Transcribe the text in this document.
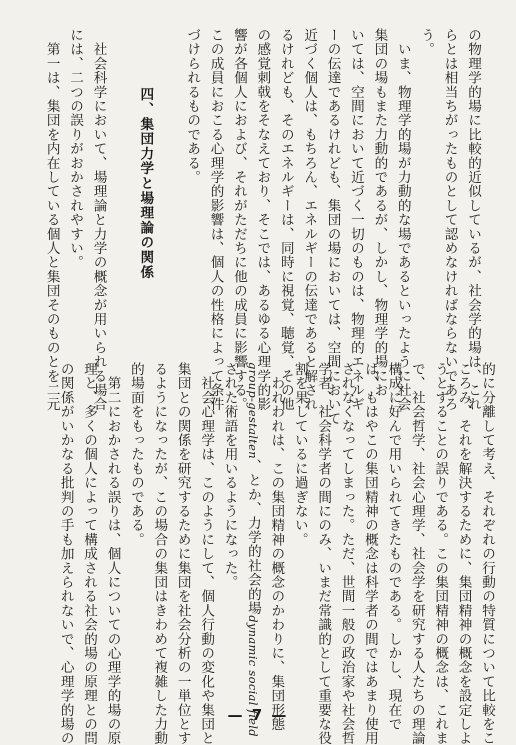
の物理学的場に比較的近似しているが、社会学的場は、これ
らとは相当ちがったものとして認めなければならないであろ
う。
　いま、物理学的場が力動的な場であるといったように社会
集団の場もまた力動的であるが、しかし、物理学的場にお
いては、空間において近づく一切のものは、物理的エネルギ
ーの伝達であるけれども、集団の場においては、空間において
近づく個人は、もちろん、エネルギーの伝達であると解され
るけれども、そのエネルギーは、同時に視覚、聴覚、その他
の感覚刺戟をそなえており、そこでは、あるゆる心理学的影
響が各個人におよび、それがただちに他の成員に影響する。
この成員におこる心理学的影響は、個人の性格によって条件
づけられるものである。

　　　　四、集団力学と場理論の関係

　社会科学において、場理論と力学の概念が用いられる場合
には、二つの誤りがおかされやすい。
　第一は、集団を内在している個人と集団そのものとを二元
的に分離して考え、それぞれの行動の特質について比較をこ
ころみ、それを解決するために、集団精神の概念を設定しよ
うとすることの誤りである。この集団精神の概念は、これま
で、社会哲学、社会心理学、社会学を研究する人たちの理論
構成に好んで用いられてきたものである。しかし、現在で
は、もはやこの集団精神の概念は科学者の間ではあまり使用
されなくなってしまった。ただ、世間一般の政治家や社会哲
学者、社会科学者の間にのみ、いまだ常識的として重要な役
割を果しているに過ぎない。
　われわれは、この集団精神の概念のかわりに、集団形態
group-gestalten、とか、力学的社会的場dynamic social field
された術語を用いるようになった。
　社会心理学は、このようにして、個人行動の変化や集団と
集団との関係を研究するために集団を社会分析の一単位とす
るようになったが、この場合の集団はきわめて複雑した力動
的場面をもったものである。
　第二におかされる誤りは、個人についての心理学的場の原
理と、多くの個人によって構成される社会的場の原理との問
の関係がいかなる批判の手も加えられないで、心理学的場の	— 7 —
